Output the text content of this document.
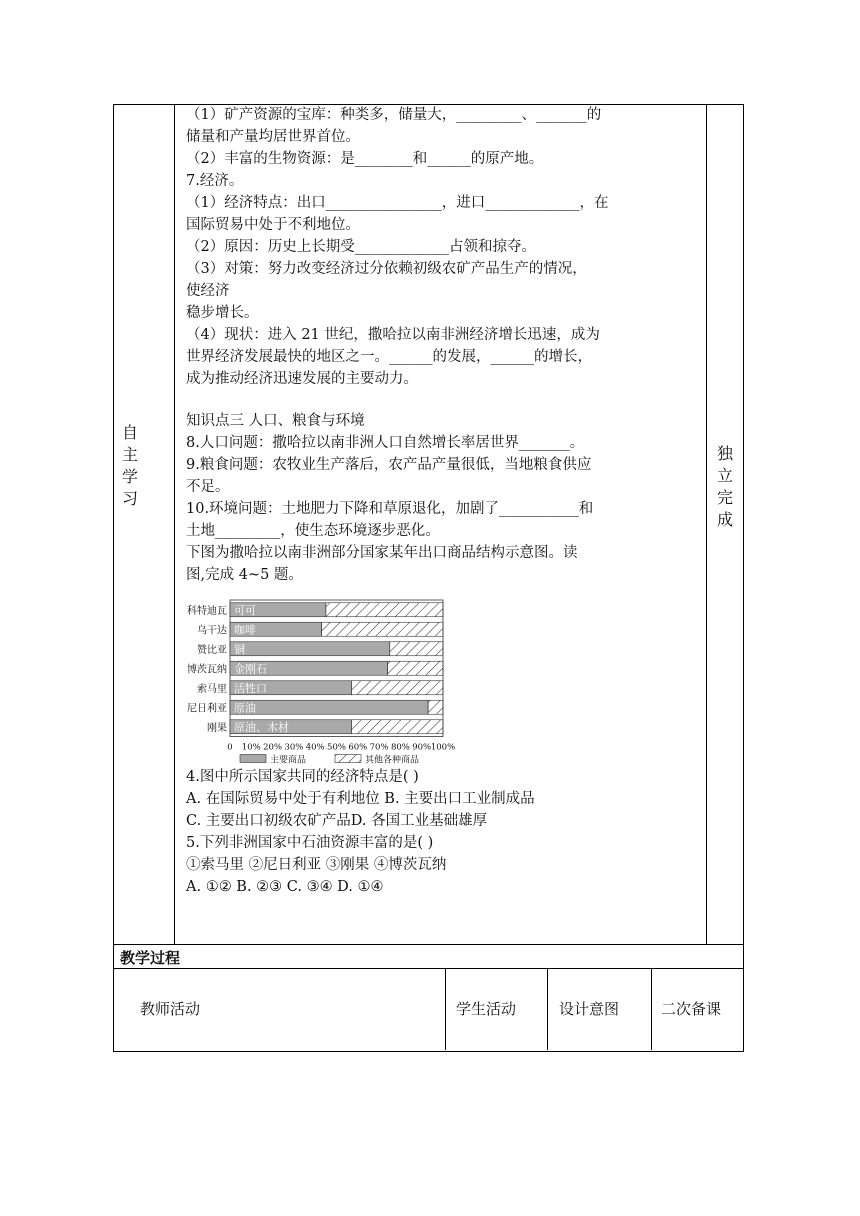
自主学习
独立完成

（1）矿产资源的宝库：种类多，储量大，_________、_______的

储量和产量均居世界首位。

（2）丰富的生物资源：是________和______的原产地。

7.经济。

（1）经济特点：出口________________，进口_____________，在

国际贸易中处于不利地位。

（2）原因：历史上长期受_____________占领和掠夺。

（3）对策：努力改变经济过分依赖初级农矿产品生产的情况，

使经济

稳步增长。

（4）现状：进入 21 世纪，撒哈拉以南非洲经济增长迅速，成为

世界经济发展最快的地区之一。______的发展，______的增长，

成为推动经济迅速发展的主要动力。

知识点三 人口、粮食与环境

8.人口问题：撒哈拉以南非洲人口自然增长率居世界_______。

9.粮食问题：农牧业生产落后，农产品产量很低，当地粮食供应

不足。

10.环境问题：土地肥力下降和草原退化，加剧了___________和

土地_________，使生态环境逐步恶化。

下图为撒哈拉以南非洲部分国家某年出口商品结构示意图。读

图,完成 4~5 题。

可可
科特迪瓦
咖啡
乌干达
铜
赞比亚
金刚石
博茨瓦纳
活牲口
索马里
原油
尼日利亚
原油、木材
刚果
0 10% 20% 30% 40% 50% 60% 70% 80% 90% 100%
主要商品	其他各种商品

4.图中所示国家共同的经济特点是( )

A. 在国际贸易中处于有利地位 B. 主要出口工业制成品

C. 主要出口初级农矿产品D. 各国工业基础雄厚

5.下列非洲国家中石油资源丰富的是( )

①索马里 ②尼日利亚 ③刚果 ④博茨瓦纳

A. ①② B. ②③ C. ③④ D. ①④

教学过程
教师活动	学生活动	设计意图	二次备课
